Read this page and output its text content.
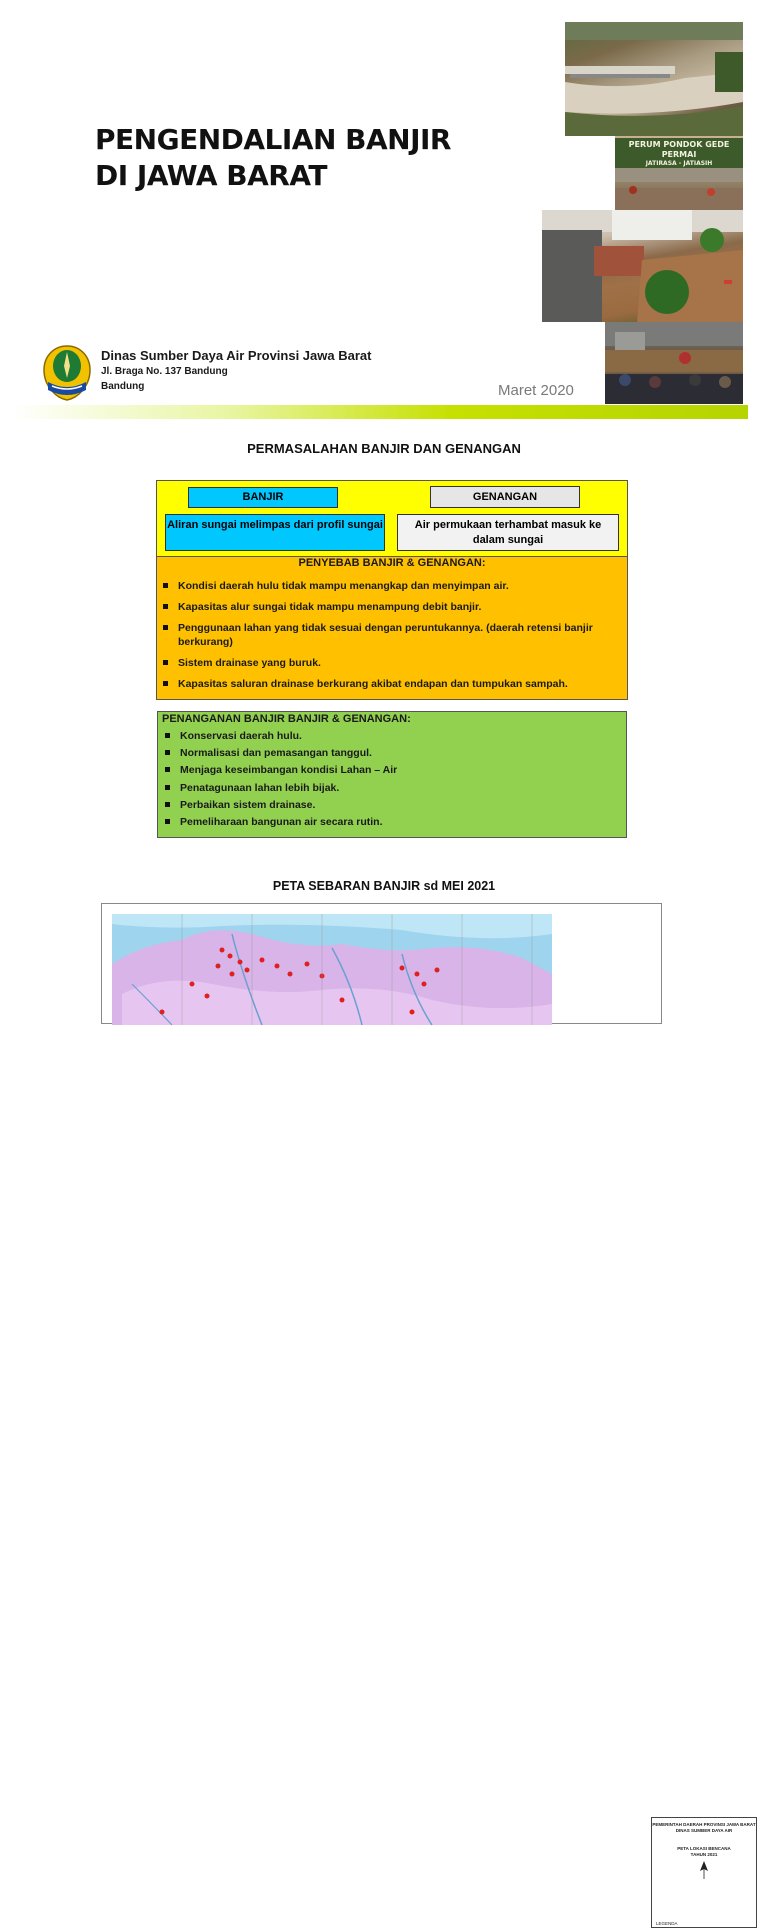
PENGENDALIAN BANJIR
DI JAWA BARAT
PERUM PONDOK GEDE PERMAI
JATIRASA - JATIASIH
Dinas Sumber Daya Air Provinsi Jawa Barat
Jl. Braga No. 137 Bandung
Bandung	Maret 2020
PERMASALAHAN BANJIR DAN GENANGAN
BANJIR	GENANGAN
Aliran sungai melimpas dari profil sungai	Air permukaan terhambat masuk ke dalam sungai
PENYEBAB BANJIR & GENANGAN:
Kondisi daerah hulu tidak mampu menangkap dan menyimpan air.
Kapasitas alur sungai tidak mampu menampung debit banjir.
Penggunaan lahan yang tidak sesuai dengan peruntukannya. (daerah retensi banjir berkurang)
Sistem drainase yang buruk.
Kapasitas saluran drainase berkurang akibat endapan dan tumpukan sampah.
PENANGANAN BANJIR BANJIR & GENANGAN:
Konservasi daerah hulu.
Normalisasi dan pemasangan tanggul.
Menjaga keseimbangan kondisi Lahan – Air
Penatagunaan lahan lebih bijak.
Perbaikan sistem drainase.
Pemeliharaan bangunan air secara rutin.
PETA SEBARAN BANJIR sd MEI 2021
PEMERINTAH DAERAH PROVINSI JAWA BARAT
DINAS SUMBER DAYA AIR
PETA LOKASI BENCANA
TAHUN 2021
LEGENDA
